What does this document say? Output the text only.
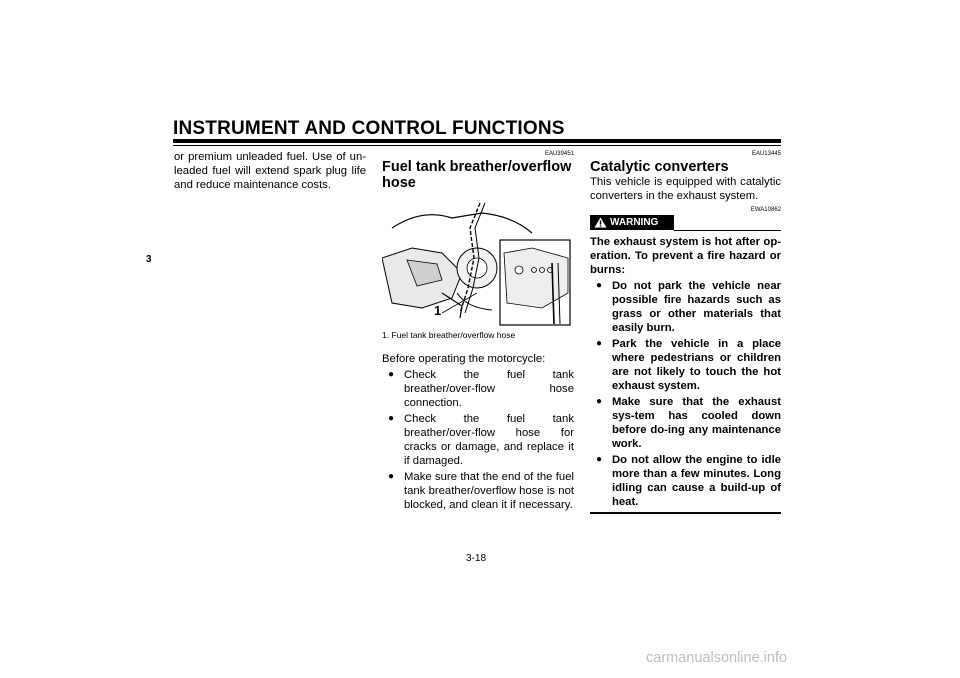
INSTRUMENT AND CONTROL FUNCTIONS
3
or premium unleaded fuel. Use of un-leaded fuel will extend spark plug life and reduce maintenance costs.
EAU39451
Fuel tank breather/overflow hose
1
1. Fuel tank breather/overflow hose
Before operating the motorcycle:
● Check the fuel tank breather/over-flow hose connection.
● Check the fuel tank breather/over-flow hose for cracks or damage, and replace it if damaged.
● Make sure that the end of the fuel tank breather/overflow hose is not blocked, and clean it if necessary.
EAU13445
Catalytic converters
This vehicle is equipped with catalytic converters in the exhaust system.
EWA10862
WARNING
The exhaust system is hot after op-eration. To prevent a fire hazard or burns:
● Do not park the vehicle near possible fire hazards such as grass or other materials that easily burn.
● Park the vehicle in a place where pedestrians or children are not likely to touch the hot exhaust system.
● Make sure that the exhaust sys-tem has cooled down before do-ing any maintenance work.
● Do not allow the engine to idle more than a few minutes. Long idling can cause a build-up of heat.
3-18
carmanualsonline.info
